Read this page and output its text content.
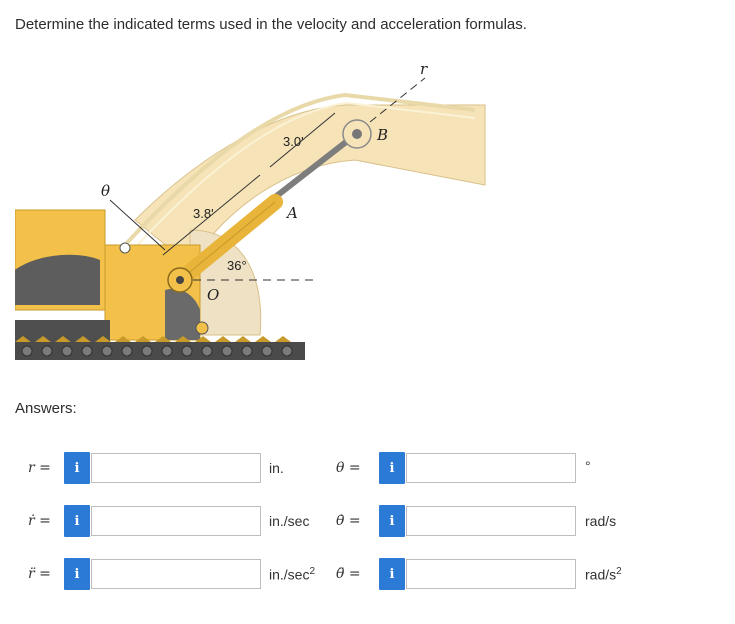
Determine the indicated terms used in the velocity and acceleration formulas.
3.0'
3.8'
36°
A
B
O
θ
r
Answers:
r =	i	in.	θ =	i	°
ṙ =	i	in./sec θ̇ =	i	rad/s
r̈ =	i	$in./\sec^2$ θ̈ =	i	rad/$s^2$
